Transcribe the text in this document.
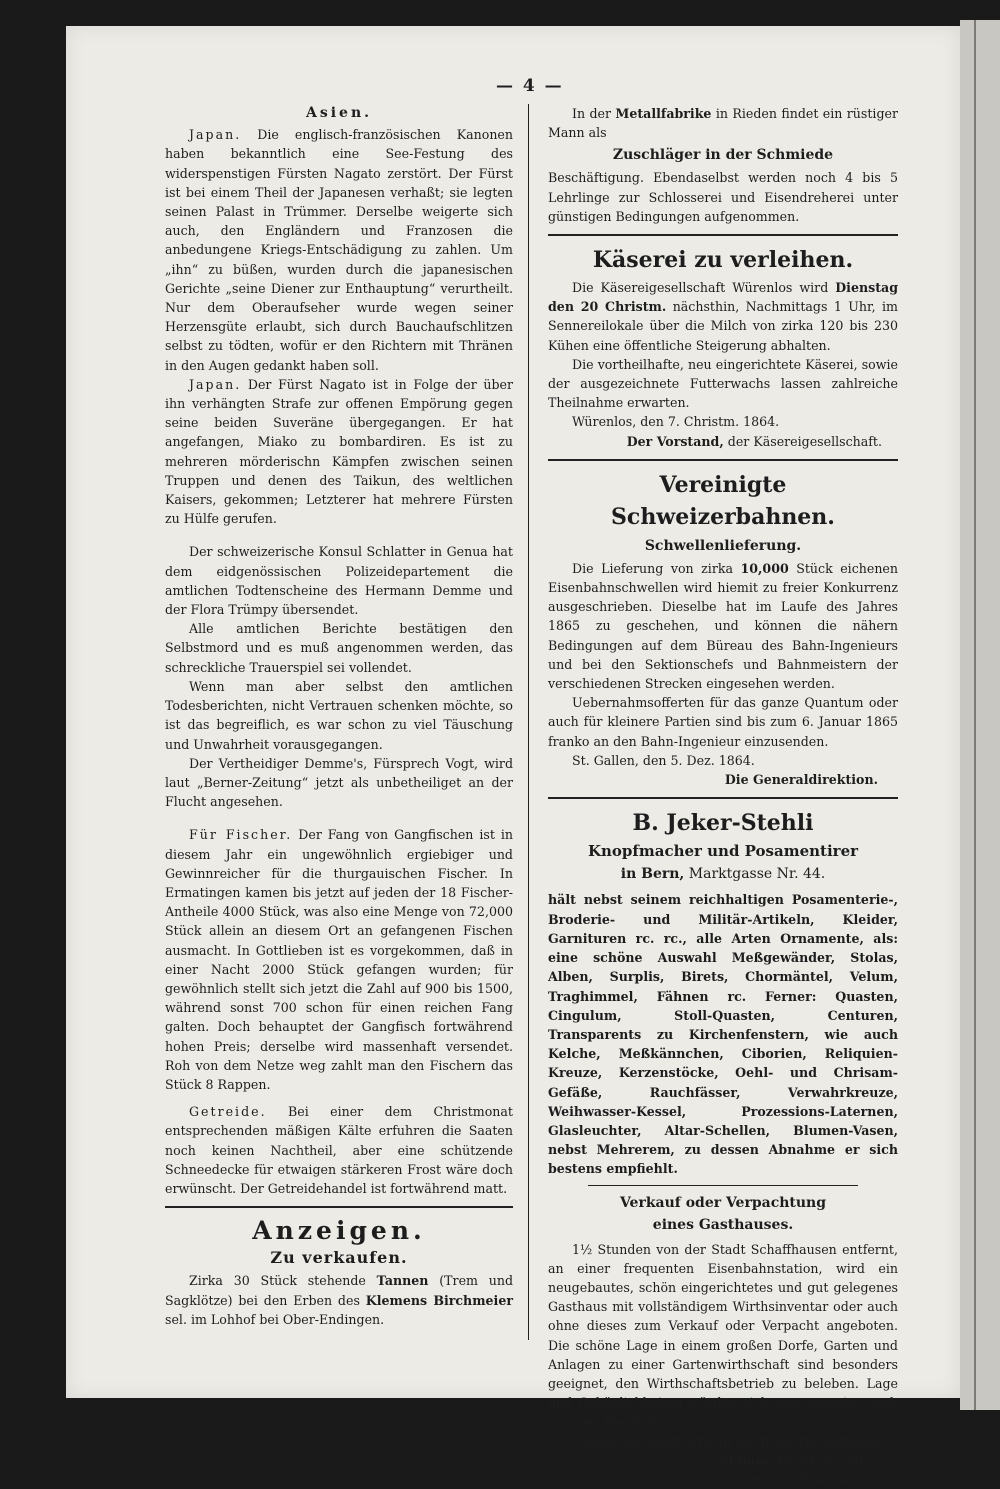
— 4 —
Asien.

Japan. Die englisch-französischen Kanonen haben bekanntlich eine See-Festung des widerspenstigen Fürsten Nagato zerstört. Der Fürst ist bei einem Theil der Japanesen verhaßt; sie legten seinen Palast in Trümmer. Derselbe weigerte sich auch, den Engländern und Franzosen die anbedungene Kriegs-Entschädigung zu zahlen. Um „ihn“ zu büßen, wurden durch die japanesischen Gerichte „seine Diener zur Enthauptung“ verurtheilt. Nur dem Oberaufseher wurde wegen seiner Herzensgüte erlaubt, sich durch Bauchaufschlitzen selbst zu tödten, wofür er den Richtern mit Thränen in den Augen gedankt haben soll.

Japan. Der Fürst Nagato ist in Folge der über ihn verhängten Strafe zur offenen Empörung gegen seine beiden Suveräne übergegangen. Er hat angefangen, Miako zu bombardiren. Es ist zu mehreren mörderischn Kämpfen zwischen seinen Truppen und denen des Taikun, des weltlichen Kaisers, gekommen; Letzterer hat mehrere Fürsten zu Hülfe gerufen.

Der schweizerische Konsul Schlatter in Genua hat dem eidgenössischen Polizeidepartement die amtlichen Todtenscheine des Hermann Demme und der Flora Trümpy übersendet.

Alle amtlichen Berichte bestätigen den Selbstmord und es muß angenommen werden, das schreckliche Trauerspiel sei vollendet.

Wenn man aber selbst den amtlichen Todesberichten, nicht Vertrauen schenken möchte, so ist das begreiflich, es war schon zu viel Täuschung und Unwahrheit vorausgegangen.

Der Vertheidiger Demme's, Fürsprech Vogt, wird laut „Berner-Zeitung“ jetzt als unbetheiliget an der Flucht angesehen.

Für Fischer. Der Fang von Gangfischen ist in diesem Jahr ein ungewöhnlich ergiebiger und Gewinnreicher für die thurgauischen Fischer. In Ermatingen kamen bis jetzt auf jeden der 18 Fischer-Antheile 4000 Stück, was also eine Menge von 72,000 Stück allein an diesem Ort an gefangenen Fischen ausmacht. In Gottlieben ist es vorgekommen, daß in einer Nacht 2000 Stück gefangen wurden; für gewöhnlich stellt sich jetzt die Zahl auf 900 bis 1500, während sonst 700 schon für einen reichen Fang galten. Doch behauptet der Gangfisch fortwährend hohen Preis; derselbe wird massenhaft versendet. Roh von dem Netze weg zahlt man den Fischern das Stück 8 Rappen.

Getreide. Bei einer dem Christmonat entsprechenden mäßigen Kälte erfuhren die Saaten noch keinen Nachtheil, aber eine schützende Schneedecke für etwaigen stärkeren Frost wäre doch erwünscht. Der Getreidehandel ist fortwährend matt.

Anzeigen.
Zu verkaufen.

Zirka 30 Stück stehende Tannen (Trem und Sagklötze) bei den Erben des Klemens Birchmeier sel. im Lohhof bei Ober-Endingen.

In der Metallfabrike in Rieden findet ein rüstiger Mann als

Zuschläger in der Schmiede

Beschäftigung. Ebendaselbst werden noch 4 bis 5 Lehrlinge zur Schlosserei und Eisendreherei unter günstigen Bedingungen aufgenommen.

Käserei zu verleihen.

Die Käsereigesellschaft Würenlos wird Dienstag den 20 Christm. nächsthin, Nachmittags 1 Uhr, im Sennereilokale über die Milch von zirka 120 bis 230 Kühen eine öffentliche Steigerung abhalten.

Die vortheilhafte, neu eingerichtete Käserei, sowie der ausgezeichnete Futterwachs lassen zahlreiche Theilnahme erwarten.

Würenlos, den 7. Christm. 1864.

Der Vorstand, der Käsereigesellschaft.

Vereinigte Schweizerbahnen.
Schwellenlieferung.

Die Lieferung von zirka 10,000 Stück eichenen Eisenbahnschwellen wird hiemit zu freier Konkurrenz ausgeschrieben. Dieselbe hat im Laufe des Jahres 1865 zu geschehen, und können die nähern Bedingungen auf dem Büreau des Bahn-Ingenieurs und bei den Sektionschefs und Bahnmeistern der verschiedenen Strecken eingesehen werden.

Uebernahmsofferten für das ganze Quantum oder auch für kleinere Partien sind bis zum 6. Januar 1865 franko an den Bahn-Ingenieur einzusenden.

St. Gallen, den 5. Dez. 1864.

Die Generaldirektion.

B. Jeker-Stehli
Knopfmacher und Posamentirer
in Bern, Marktgasse Nr. 44.

hält nebst seinem reichhaltigen Posamenterie-, Broderie- und Militär-Artikeln, Kleider, Garnituren rc. rc., alle Arten Ornamente, als: eine schöne Auswahl Meßgewänder, Stolas, Alben, Surplis, Birets, Chormäntel, Velum, Traghimmel, Fähnen rc. Ferner: Quasten, Cingulum, Stoll-Quasten, Centuren, Transparents zu Kirchenfenstern, wie auch Kelche, Meßkännchen, Ciborien, Reliquien-Kreuze, Kerzenstöcke, Oehl- und Chrisam-Gefäße, Rauchfässer, Verwahrkreuze, Weihwasser-Kessel, Prozessions-Laternen, Glasleuchter, Altar-Schellen, Blumen-Vasen, nebst Mehrerem, zu dessen Abnahme er sich bestens empfiehlt.

Verkauf oder Verpachtung
eines Gasthauses.

1½ Stunden von der Stadt Schaffhausen entfernt, an einer frequenten Eisenbahnstation, wird ein neugebautes, schön eingerichtetes und gut gelegenes Gasthaus mit vollständigem Wirthsinventar oder auch ohne dieses zum Verkauf oder Verpacht angeboten. Die schöne Lage in einem großen Dorfe, Garten und Anlagen zu einer Gartenwirthschaft sind besonders geeignet, den Wirthschaftsbetrieb zu beleben. Lage und Gebäulichkeiten würden sich vorzugsweise auch zu einer Bierbrauerei eignen.

Nähere Auskunft ertheilt auf frankirte Anfragen

Stamm, Rechtsanwalt,

in Schaffhausen.
